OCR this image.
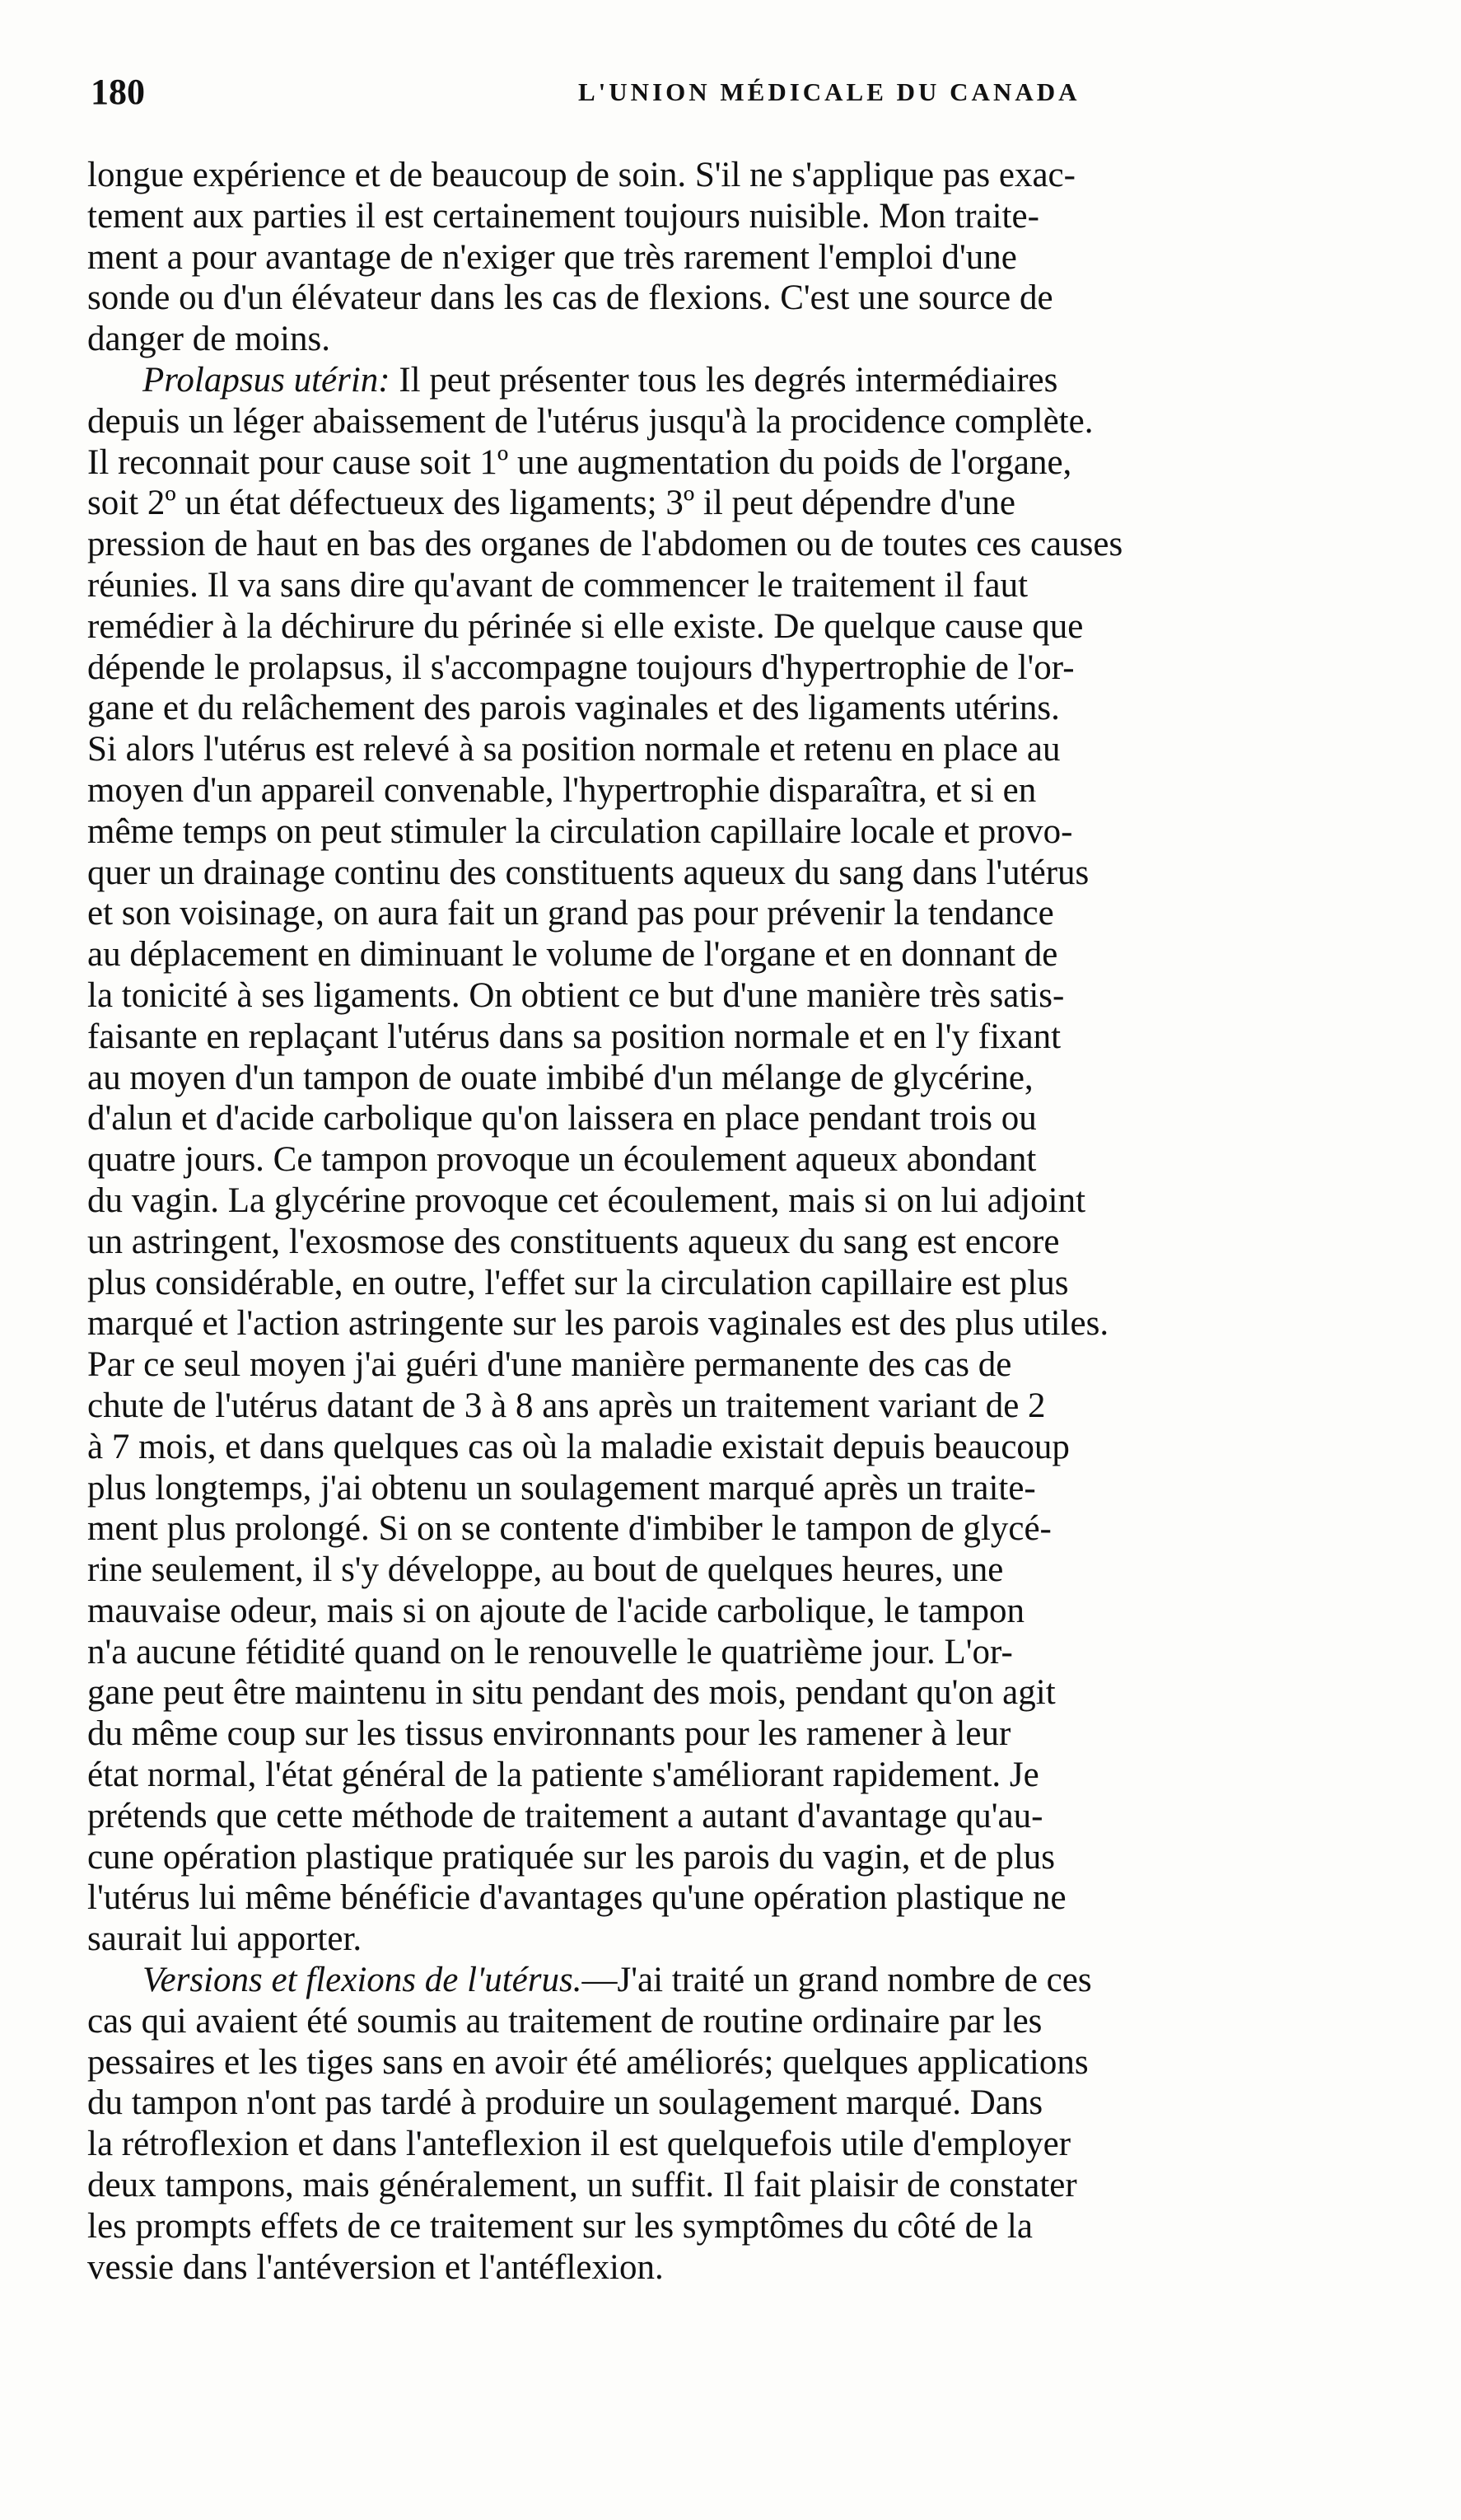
180	L'UNION MÉDICALE DU CANADA

longue expérience et de beaucoup de soin. S'il ne s'applique pas exac-
tement aux parties il est certainement toujours nuisible. Mon traite-
ment a pour avantage de n'exiger que très rarement l'emploi d'une
sonde ou d'un élévateur dans les cas de flexions. C'est une source de
danger de moins.

Prolapsus utérin: Il peut présenter tous les degrés intermédiaires
depuis un léger abaissement de l'utérus jusqu'à la procidence complète.
Il reconnait pour cause soit 1º une augmentation du poids de l'organe,
soit 2º un état défectueux des ligaments; 3º il peut dépendre d'une
pression de haut en bas des organes de l'abdomen ou de toutes ces causes
réunies. Il va sans dire qu'avant de commencer le traitement il faut
remédier à la déchirure du périnée si elle existe. De quelque cause que
dépende le prolapsus, il s'accompagne toujours d'hypertrophie de l'or-
gane et du relâchement des parois vaginales et des ligaments utérins.
Si alors l'utérus est relevé à sa position normale et retenu en place au
moyen d'un appareil convenable, l'hypertrophie disparaîtra, et si en
même temps on peut stimuler la circulation capillaire locale et provo-
quer un drainage continu des constituents aqueux du sang dans l'utérus
et son voisinage, on aura fait un grand pas pour prévenir la tendance
au déplacement en diminuant le volume de l'organe et en donnant de
la tonicité à ses ligaments. On obtient ce but d'une manière très satis-
faisante en replaçant l'utérus dans sa position normale et en l'y fixant
au moyen d'un tampon de ouate imbibé d'un mélange de glycérine,
d'alun et d'acide carbolique qu'on laissera en place pendant trois ou
quatre jours. Ce tampon provoque un écoulement aqueux abondant
du vagin. La glycérine provoque cet écoulement, mais si on lui adjoint
un astringent, l'exosmose des constituents aqueux du sang est encore
plus considérable, en outre, l'effet sur la circulation capillaire est plus
marqué et l'action astringente sur les parois vaginales est des plus utiles.
Par ce seul moyen j'ai guéri d'une manière permanente des cas de
chute de l'utérus datant de 3 à 8 ans après un traitement variant de 2
à 7 mois, et dans quelques cas où la maladie existait depuis beaucoup
plus longtemps, j'ai obtenu un soulagement marqué après un traite-
ment plus prolongé. Si on se contente d'imbiber le tampon de glycé-
rine seulement, il s'y développe, au bout de quelques heures, une
mauvaise odeur, mais si on ajoute de l'acide carbolique, le tampon
n'a aucune fétidité quand on le renouvelle le quatrième jour. L'or-
gane peut être maintenu in situ pendant des mois, pendant qu'on agit
du même coup sur les tissus environnants pour les ramener à leur
état normal, l'état général de la patiente s'améliorant rapidement. Je
prétends que cette méthode de traitement a autant d'avantage qu'au-
cune opération plastique pratiquée sur les parois du vagin, et de plus
l'utérus lui même bénéficie d'avantages qu'une opération plastique ne
saurait lui apporter.

Versions et flexions de l'utérus.—J'ai traité un grand nombre de ces
cas qui avaient été soumis au traitement de routine ordinaire par les
pessaires et les tiges sans en avoir été améliorés; quelques applications
du tampon n'ont pas tardé à produire un soulagement marqué. Dans
la rétroflexion et dans l'anteflexion il est quelquefois utile d'employer
deux tampons, mais généralement, un suffit. Il fait plaisir de constater
les prompts effets de ce traitement sur les symptômes du côté de la
vessie dans l'antéversion et l'antéflexion.
